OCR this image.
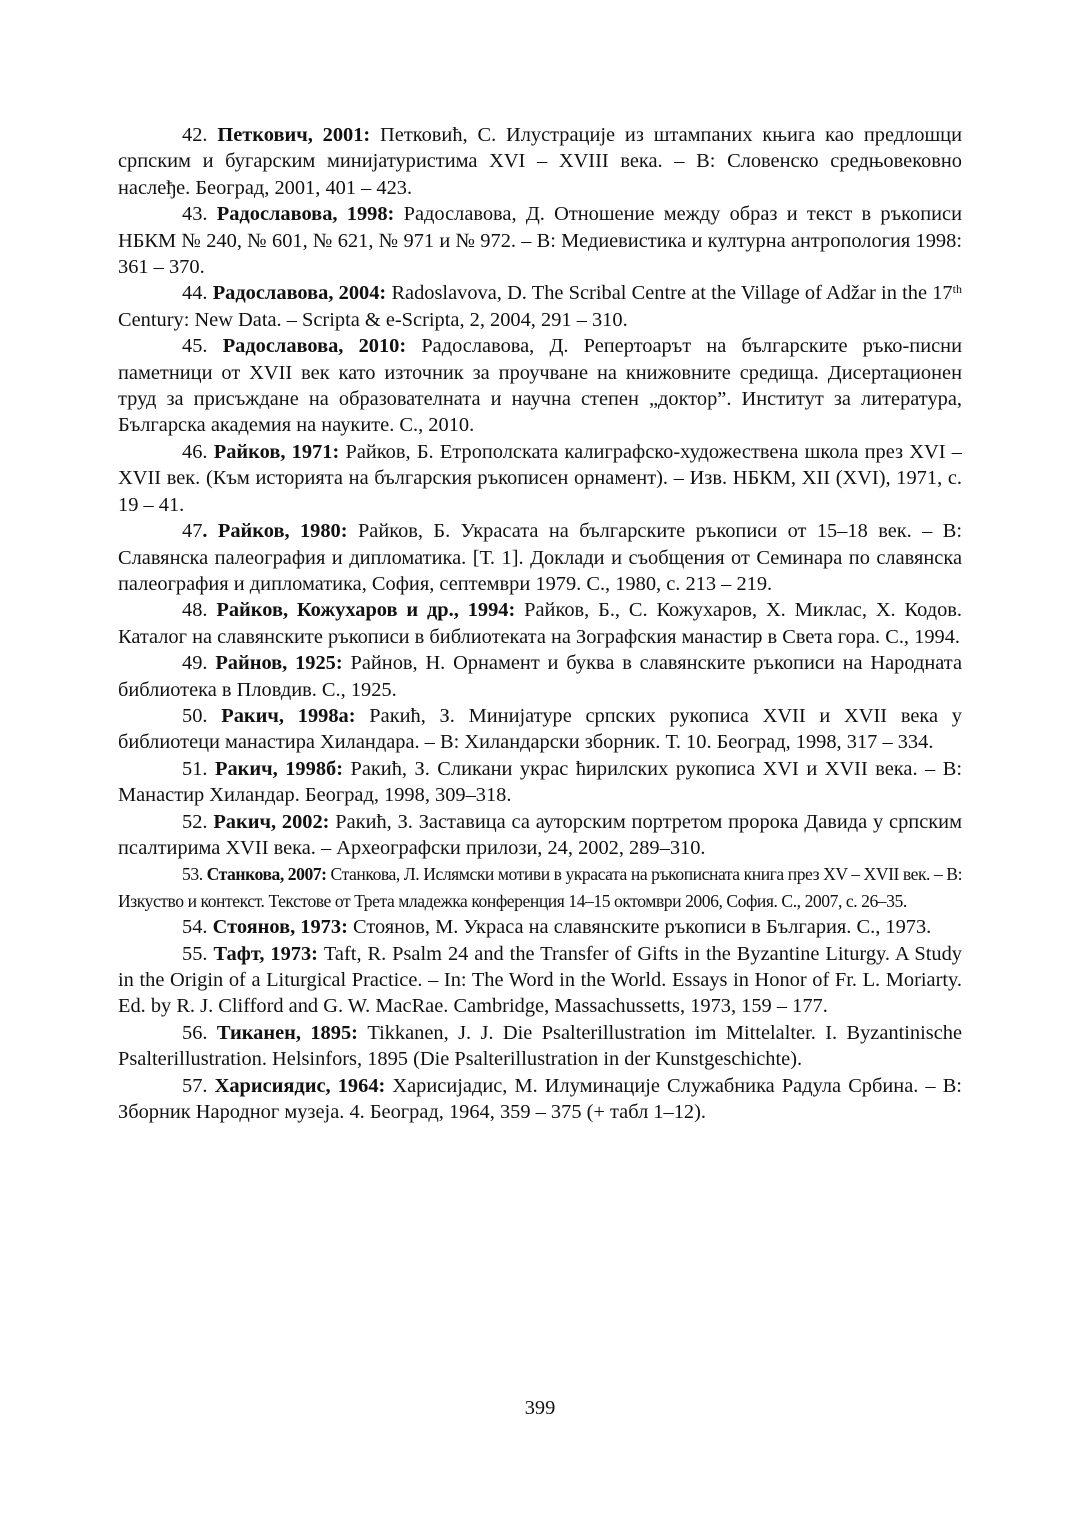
42. Петкович, 2001: Петковић, С. Илустрације из штампаних књига као предлошци српским и бугарским минијатуристима XVI – XVIII века. – В: Словенско средњовековно наслеђе. Београд, 2001, 401 – 423.

43. Радославова, 1998: Радославова, Д. Отношение между образ и текст в ръкописи НБКМ № 240, № 601, № 621, № 971 и № 972. – В: Медиевистика и културна антропология 1998: 361 – 370.

44. Радославова, 2004: Radoslavova, D. The Scribal Centre at the Village of Adžar in the 17th Century: New Data. – Scripta & e-Scripta, 2, 2004, 291 – 310.

45. Радославова, 2010: Радославова, Д. Репертоарът на българските ръко-писни паметници от XVII век като източник за проучване на книжовните средища. Дисертационен труд за присъждане на образователната и научна степен „доктор”. Институт за литература, Българска академия на науките. С., 2010.

46. Райков, 1971: Райков, Б. Етрополската калиграфско-художествена школа през XVI – XVII век. (Към историята на българския ръкописен орнамент). – Изв. НБКМ, XII (XVI), 1971, с. 19 – 41.

47. Райков, 1980: Райков, Б. Украсата на българските ръкописи от 15–18 век. – В: Славянска палеография и дипломатика. [Т. 1]. Доклади и съобщения от Семинара по славянска палеография и дипломатика, София, септември 1979. С., 1980, с. 213 – 219.

48. Райков, Кожухаров и др., 1994: Райков, Б., С. Кожухаров, Х. Миклас, Х. Кодов. Каталог на славянските ръкописи в библиотеката на Зографския манастир в Света гора. С., 1994.

49. Райнов, 1925: Райнов, Н. Орнамент и буква в славянските ръкописи на Народната библиотека в Пловдив. С., 1925.

50. Ракич, 1998а: Ракић, З. Минијатуре српских рукописа XVII и XVII века у библиотеци манастира Хиландара. – В: Хиландарски зборник. Т. 10. Београд, 1998, 317 – 334.

51. Ракич, 1998б: Ракић, З. Сликани украс ћирилских рукописа XVI и XVII века. – В: Манастир Хиландар. Београд, 1998, 309–318.

52. Ракич, 2002: Ракић, З. Заставица са ауторским портретом пророка Давида у српским псалтирима XVII века. – Археографски прилози, 24, 2002, 289–310.

53. Станкова, 2007: Станкова, Л. Ислямски мотиви в украсата на ръкописната книга през XV – XVII век. – В: Изкуство и контекст. Текстове от Трета младежка конференция 14–15 октомври 2006, София. С., 2007, с. 26–35.

54. Стоянов, 1973: Стоянов, М. Украса на славянските ръкописи в България. С., 1973.

55. Тафт, 1973: Taft, R. Psalm 24 and the Transfer of Gifts in the Byzantine Liturgy. A Study in the Origin of a Liturgical Practice. – In: The Word in the World. Essays in Honor of Fr. L. Moriarty. Ed. by R. J. Clifford and G. W. MacRae. Cambridge, Massachussetts, 1973, 159 – 177.

56. Тиканен, 1895: Tikkanen, J. J. Die Psalterillustration im Mittelalter. I. Byzantinische Psalterillustration. Helsinfors, 1895 (Die Psalterillustration in der Kunstgeschichte).

57. Харисиядис, 1964: Харисијадис, М. Илуминације Служабника Радула Србина. – В: Зборник Народног музеја. 4. Београд, 1964, 359 – 375 (+ табл 1–12).

399
